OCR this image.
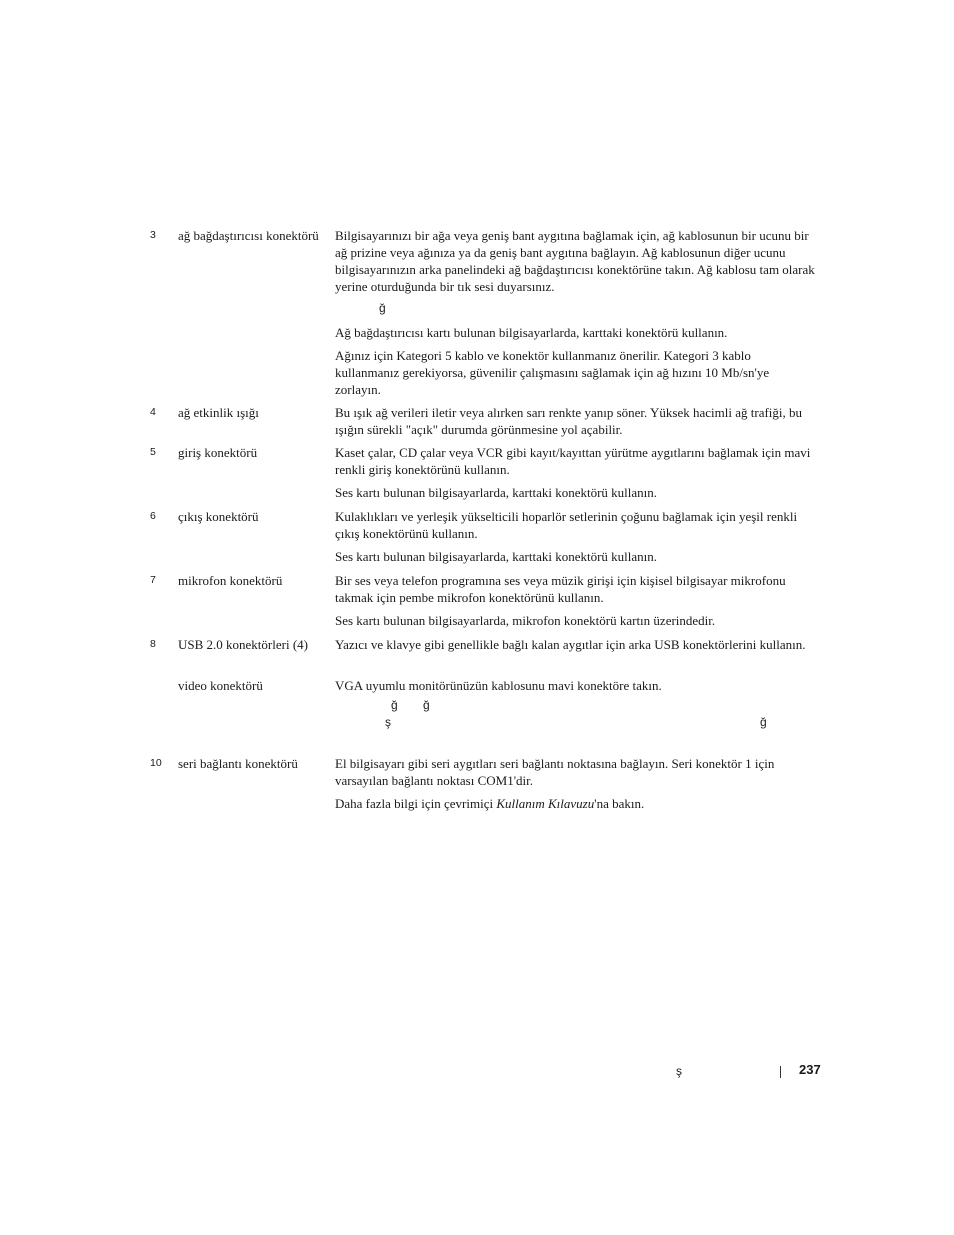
3 ağ bağdaştırıcısı konektörü	Bilgisayarınızı bir ağa veya geniş bant aygıtına bağlamak için, ağ kablosunun bir ucunu bir ağ prizine veya ağınıza ya da geniş bant aygıtına bağlayın. Ağ kablosunun diğer ucunu bilgisayarınızın arka panelindeki ağ bağdaştırıcısı konektörüne takın. Ağ kablosu tam olarak yerine oturduğunda bir tık sesi duyarsınız.

ğ

Ağ bağdaştırıcısı kartı bulunan bilgisayarlarda, karttaki konektörü kullanın.

Ağınız için Kategori 5 kablo ve konektör kullanmanız önerilir. Kategori 3 kablo kullanmanız gerekiyorsa, güvenilir çalışmasını sağlamak için ağ hızını 10 Mb/sn'ye zorlayın.

4 ağ etkinlik ışığı	Bu ışık ağ verileri iletir veya alırken sarı renkte yanıp söner. Yüksek hacimli ağ trafiği, bu ışığın sürekli "açık" durumda görünmesine yol açabilir.

5 giriş konektörü	Kaset çalar, CD çalar veya VCR gibi kayıt/kayıttan yürütme aygıtlarını bağlamak için mavi renkli giriş konektörünü kullanın.

Ses kartı bulunan bilgisayarlarda, karttaki konektörü kullanın.

6 çıkış konektörü	Kulaklıkları ve yerleşik yükselticili hoparlör setlerinin çoğunu bağlamak için yeşil renkli çıkış konektörünü kullanın.

Ses kartı bulunan bilgisayarlarda, karttaki konektörü kullanın.

7 mikrofon konektörü	Bir ses veya telefon programına ses veya müzik girişi için kişisel bilgisayar mikrofonu takmak için pembe mikrofon konektörünü kullanın.

Ses kartı bulunan bilgisayarlarda, mikrofon konektörü kartın üzerindedir.

8 USB 2.0 konektörleri (4)	Yazıcı ve klavye gibi genellikle bağlı kalan aygıtlar için arka USB konektörlerini kullanın.

video konektörü	VGA uyumlu monitörünüzün kablosunu mavi konektöre takın.

ğ ğ
ş	ğ
10 seri bağlantı konektörü	El bilgisayarı gibi seri aygıtları seri bağlantı noktasına bağlayın. Seri konektör 1 için varsayılan bağlantı noktası COM1'dir.

Daha fazla bilgi için çevrimiçi Kullanım Kılavuzu'na bakın.

ş	237
